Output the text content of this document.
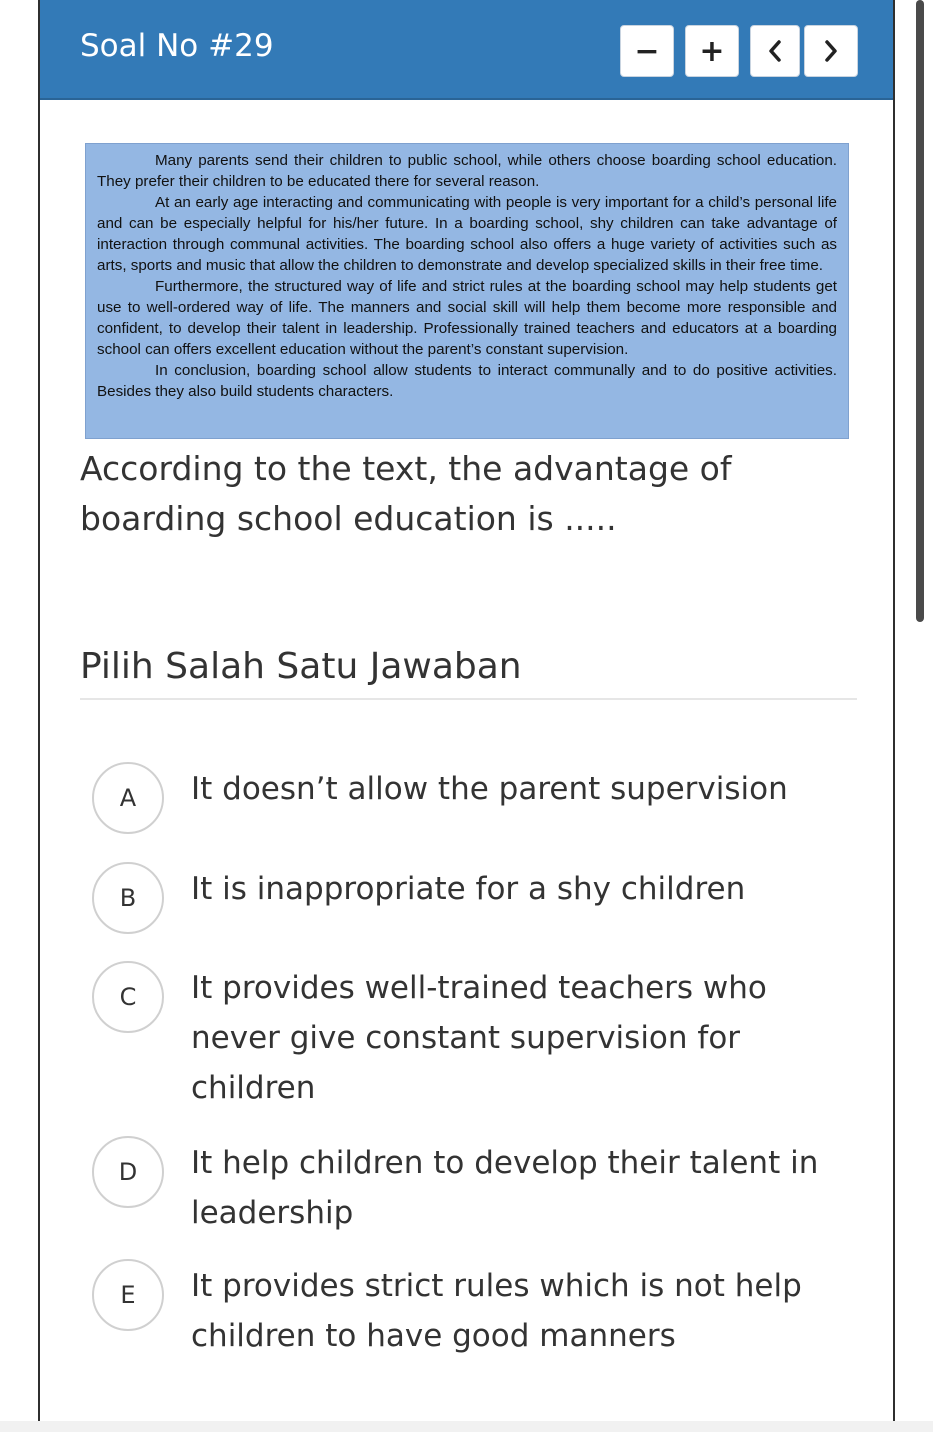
Soal No #29	−	+

Many parents send their children to public school, while others choose boarding school education. They prefer their children to be educated there for several reason.

At an early age interacting and communicating with people is very important for a child’s personal life and can be especially helpful for his/her future. In a boarding school, shy children can take advantage of interaction through communal activities. The boarding school also offers a huge variety of activities such as arts, sports and music that allow the children to demonstrate and develop specialized skills in their free time.

Furthermore, the structured way of life and strict rules at the boarding school may help students get use to well-ordered way of life. The manners and social skill will help them become more responsible and confident, to develop their talent in leadership. Professionally trained teachers and educators at a boarding school can offers excellent education without the parent’s constant supervision.

In conclusion, boarding school allow students to interact communally and to do positive activities. Besides they also build students characters.

According to the text, the advantage of boarding school education is .....
Pilih Salah Satu Jawaban
A	It doesn’t allow the parent supervision
B	It is inappropriate for a shy children
C	It provides well-trained teachers who never give constant supervision for children
D	It help children to develop their talent in leadership
E	It provides strict rules which is not help children to have good manners
